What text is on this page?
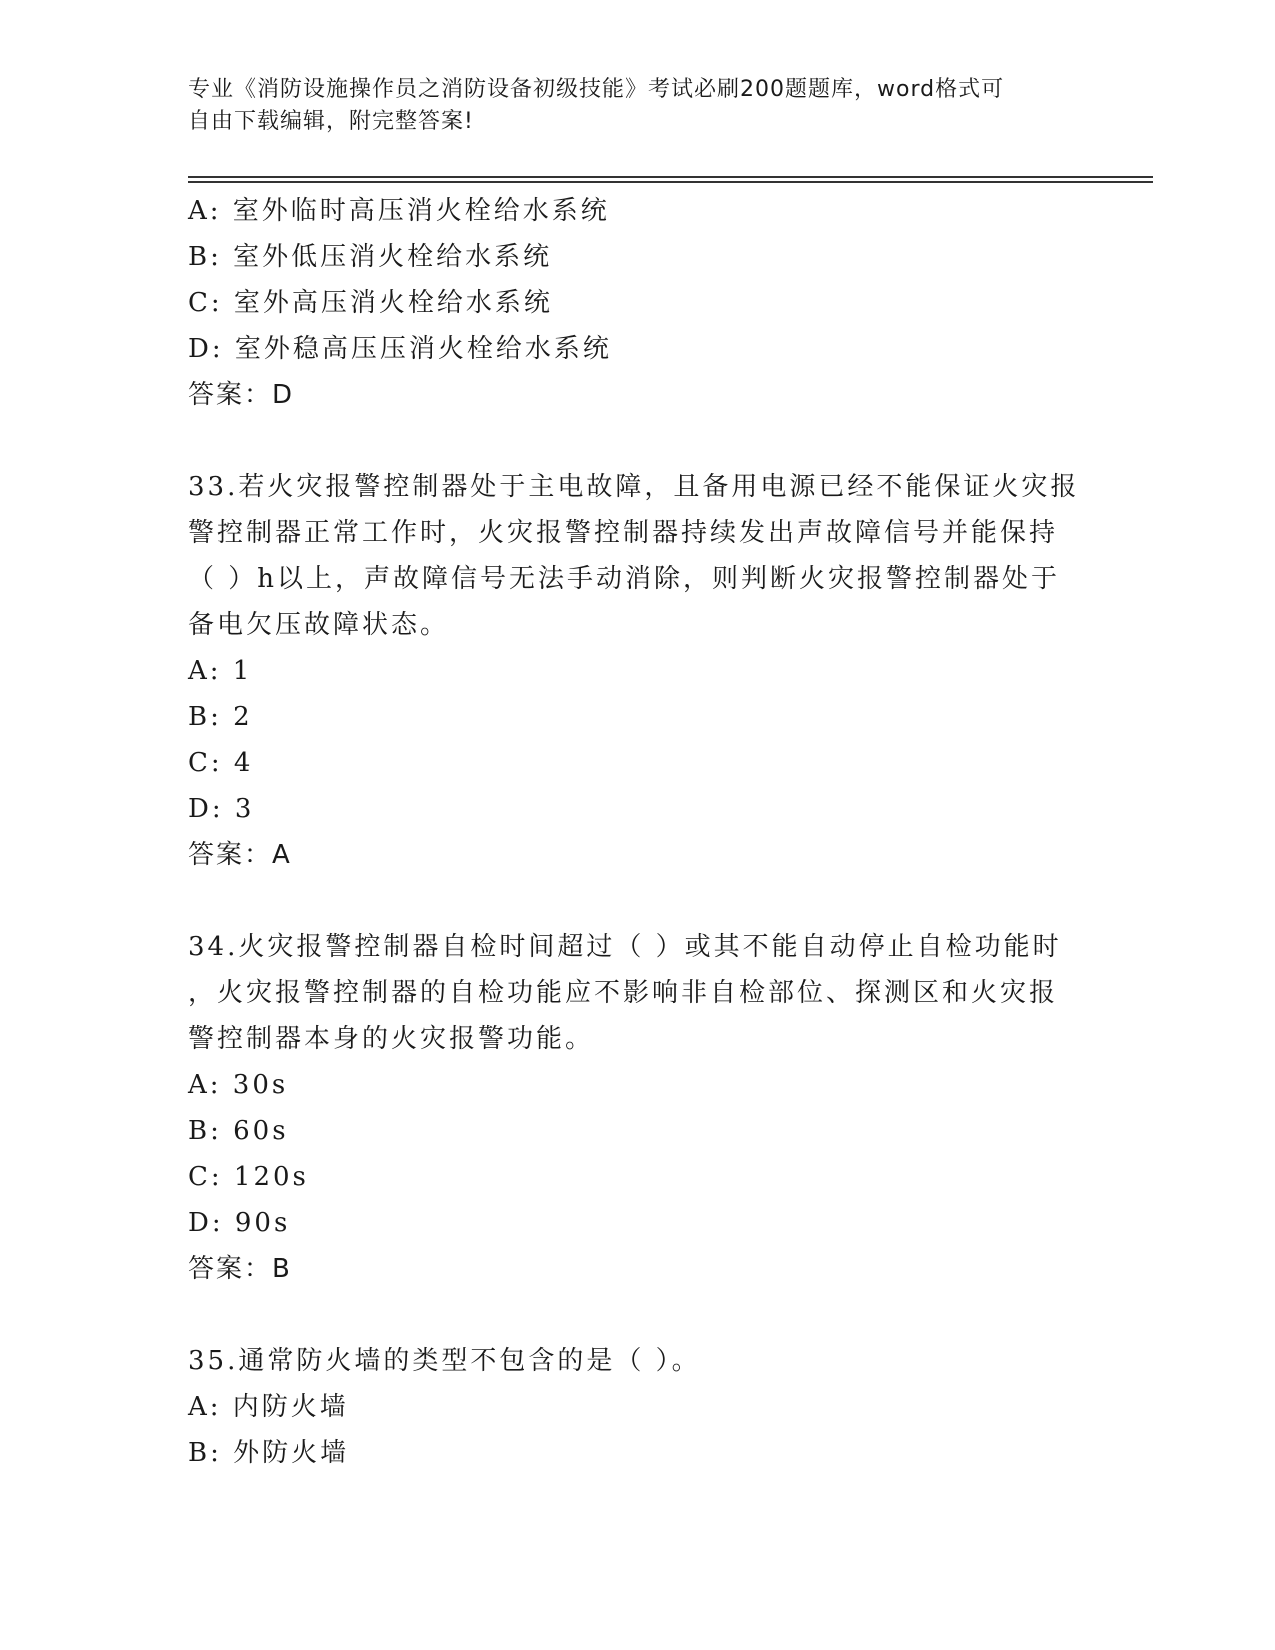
专业《消防设施操作员之消防设备初级技能》考试必刷200题题库，word格式可
自由下载编辑，附完整答案!
A: 室外临时高压消火栓给水系统
B: 室外低压消火栓给水系统
C: 室外高压消火栓给水系统
D: 室外稳高压压消火栓给水系统
答案：D
33.若火灾报警控制器处于主电故障，且备用电源已经不能保证火灾报
警控制器正常工作时，火灾报警控制器持续发出声故障信号并能保持
（ ）h以上，声故障信号无法手动消除，则判断火灾报警控制器处于
备电欠压故障状态。
A: 1
B: 2
C: 4
D: 3
答案：A
34.火灾报警控制器自检时间超过（ ）或其不能自动停止自检功能时
，火灾报警控制器的自检功能应不影响非自检部位、探测区和火灾报
警控制器本身的火灾报警功能。
A: 30s
B: 60s
C: 120s
D: 90s
答案：B
35.通常防火墙的类型不包含的是（ ）。
A: 内防火墙
B: 外防火墙
